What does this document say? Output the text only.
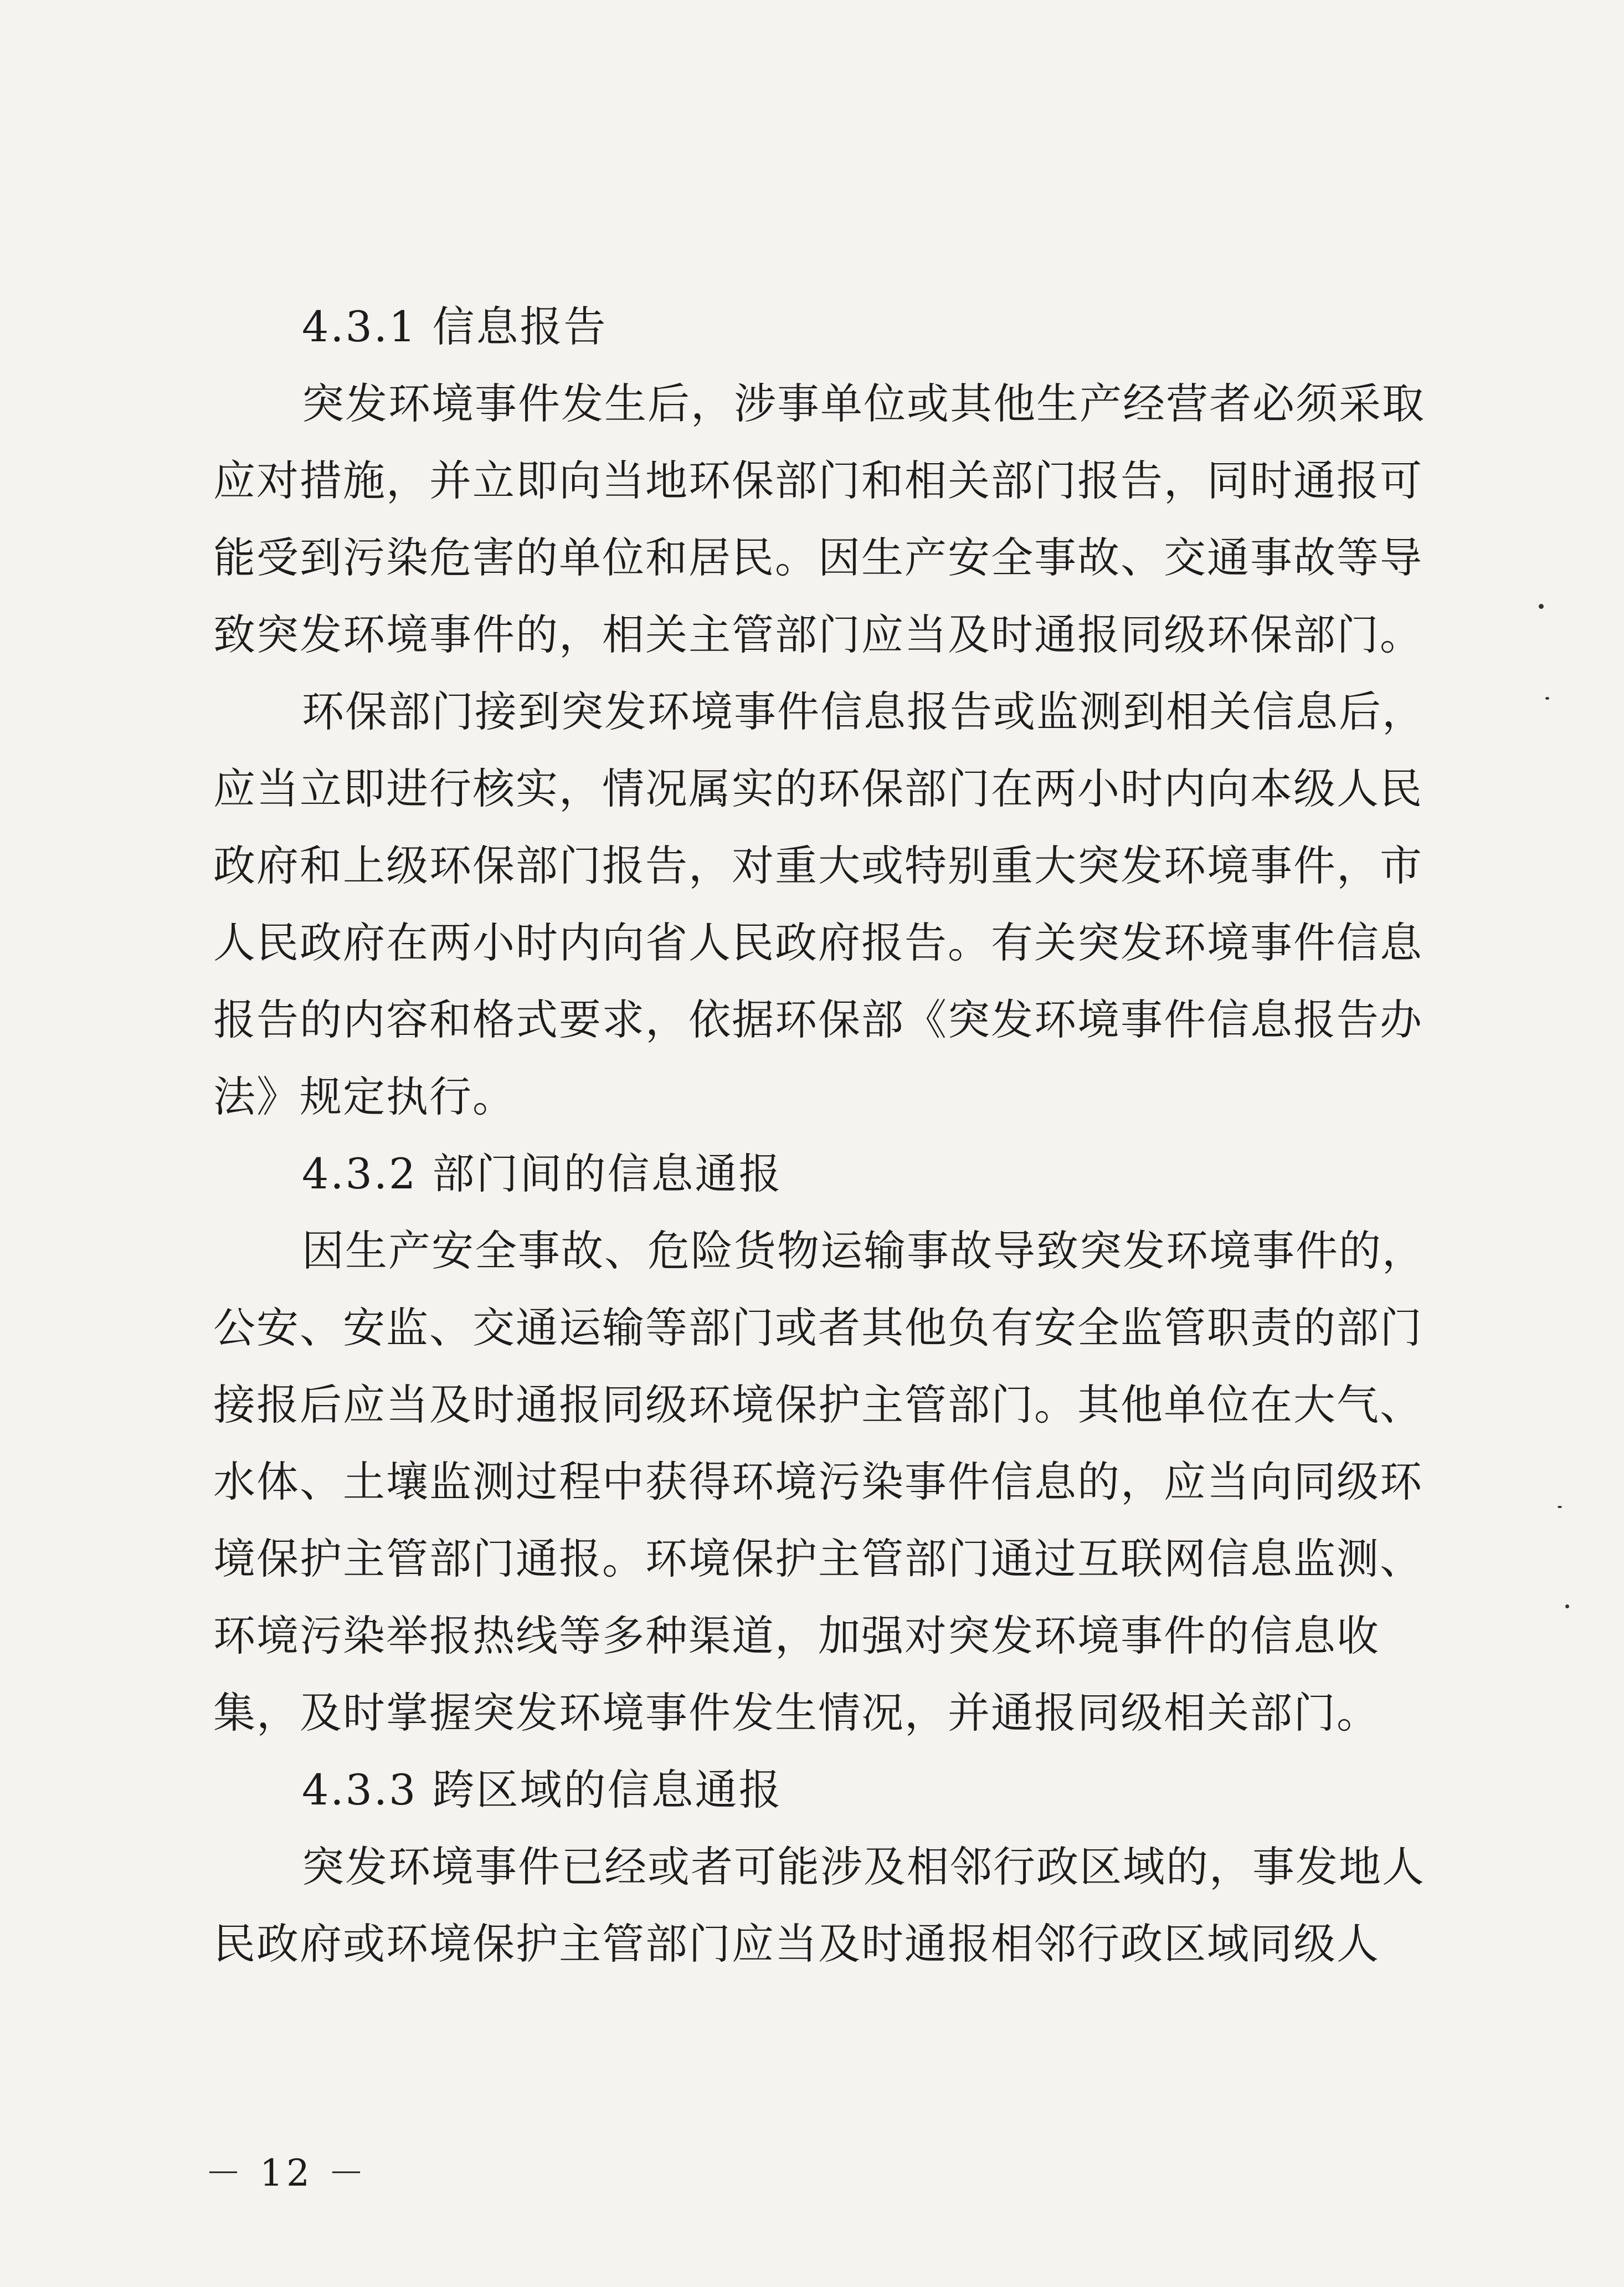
4.3.1 信息报告
突发环境事件发生后，涉事单位或其他生产经营者必须采取
应对措施，并立即向当地环保部门和相关部门报告，同时通报可
能受到污染危害的单位和居民。因生产安全事故、交通事故等导
致突发环境事件的，相关主管部门应当及时通报同级环保部门。
环保部门接到突发环境事件信息报告或监测到相关信息后，
应当立即进行核实，情况属实的环保部门在两小时内向本级人民
政府和上级环保部门报告，对重大或特别重大突发环境事件，市
人民政府在两小时内向省人民政府报告。有关突发环境事件信息
报告的内容和格式要求，依据环保部《突发环境事件信息报告办
法》规定执行。
4.3.2 部门间的信息通报
因生产安全事故、危险货物运输事故导致突发环境事件的，
公安、安监、交通运输等部门或者其他负有安全监管职责的部门
接报后应当及时通报同级环境保护主管部门。其他单位在大气、
水体、土壤监测过程中获得环境污染事件信息的，应当向同级环
境保护主管部门通报。环境保护主管部门通过互联网信息监测、
环境污染举报热线等多种渠道，加强对突发环境事件的信息收
集，及时掌握突发环境事件发生情况，并通报同级相关部门。
4.3.3 跨区域的信息通报
突发环境事件已经或者可能涉及相邻行政区域的，事发地人
民政府或环境保护主管部门应当及时通报相邻行政区域同级人
－ 12 －
